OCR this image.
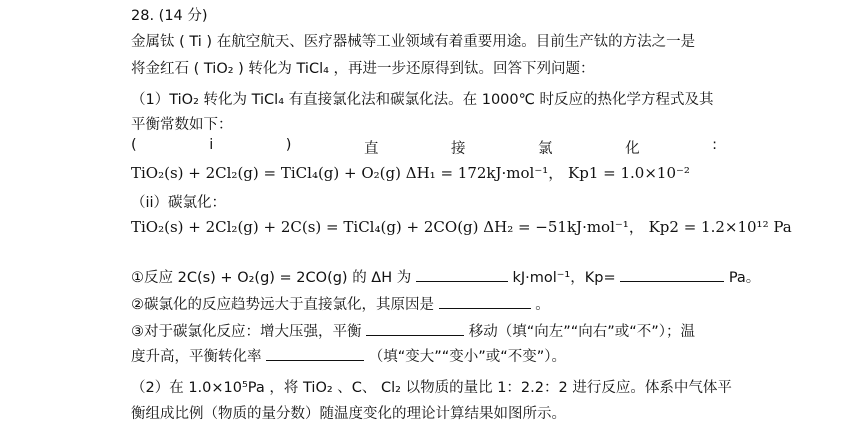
28. (14 分)
金属钛 ( Ti ) 在航空航天、医疗器械等工业领域有着重要用途。目前生产钛的方法之一是
将金红石 ( TiO₂ ) 转化为 TiCl₄ ，再进一步还原得到钛。回答下列问题：
（1）TiO₂ 转化为 TiCl₄ 有直接氯化法和碳氯化法。在 1000℃ 时反应的热化学方程式及其
平衡常数如下：
(	i	)	直	接	氯	化	:
TiO₂(s) + 2Cl₂(g) = TiCl₄(g) + O₂(g) ΔH₁ = 172kJ·mol⁻¹， Kp1 = 1.0×10⁻²
（ii）碳氯化：
TiO₂(s) + 2Cl₂(g) + 2C(s) = TiCl₄(g) + 2CO(g) ΔH₂ = −51kJ·mol⁻¹， Kp2 = 1.2×10¹² Pa
①反应 2C(s) + O₂(g) = 2CO(g) 的 ΔH 为	kJ·mol⁻¹，Kp=	Pa。
②碳氯化的反应趋势远大于直接氯化，其原因是	。
③对于碳氯化反应：增大压强，平衡	移动（填“向左”“向右”或“不”）；温
度升高，平衡转化率	（填“变大”“变小”或“不变”）。
（2）在 1.0×10⁵Pa ，将 TiO₂ 、C、 Cl₂ 以物质的量比 1：2.2：2 进行反应。体系中气体平
衡组成比例（物质的量分数）随温度变化的理论计算结果如图所示。
